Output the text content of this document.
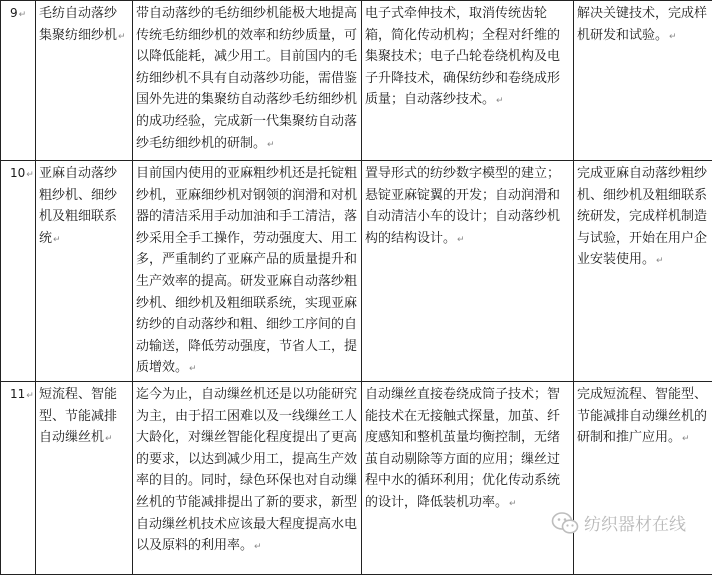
9↵	毛纺自动落纱集聚纺细纱机↵	带自动落纱的毛纺细纱机能极大地提高传统毛纺细纱机的效率和纺纱质量，可以降低能耗，减少用工。目前国内的毛纺细纱机不具有自动落纱功能，需借鉴国外先进的集聚纺自动落纱毛纺细纱机的成功经验，完成新一代集聚纺自动落纱毛纺细纱机的研制。↵	电子式牵伸技术，取消传统齿轮箱，简化传动机构；全程对纤维的集聚技术；电子凸轮卷绕机构及电子升降技术，确保纺纱和卷绕成形质量；自动落纱技术。↵	解决关键技术，完成样机研发和试验。↵
10↵	亚麻自动落纱粗纱机、细纱机及粗细联系统↵	目前国内使用的亚麻粗纱机还是托锭粗纱机，亚麻细纱机对钢领的润滑和对机器的清洁采用手动加油和手工清洁，落纱采用全手工操作，劳动强度大、用工多，严重制约了亚麻产品的质量提升和生产效率的提高。研发亚麻自动落纱粗纱机、细纱机及粗细联系统，实现亚麻纺纱的自动落纱和粗、细纱工序间的自动输送，降低劳动强度，节省人工，提质增效。↵	置导形式的纺纱数字模型的建立；悬锭亚麻锭翼的开发；自动润滑和自动清洁小车的设计；自动落纱机构的结构设计。↵	完成亚麻自动落纱粗纱机、细纱机及粗细联系统研发，完成样机制造与试验，开始在用户企业安装使用。↵
11↵	短流程、智能型、节能减排自动缫丝机↵	迄今为止，自动缫丝机还是以功能研究为主，由于招工困难以及一线缫丝工人大龄化，对缫丝智能化程度提出了更高的要求，以达到减少用工，提高生产效率的目的。同时，绿色环保也对自动缫丝机的节能减排提出了新的要求，新型自动缫丝机技术应该最大程度提高水电以及原料的利用率。↵	自动缫丝直接卷绕成筒子技术；智能技术在无接触式探量，加茧、纤度感知和整机茧量均衡控制，无绪茧自动剔除等方面的应用；缫丝过程中水的循环利用；优化传动系统的设计，降低装机功率。↵	完成短流程、智能型、节能减排自动缫丝机的研制和推广应用。↵
纺织器材在线
